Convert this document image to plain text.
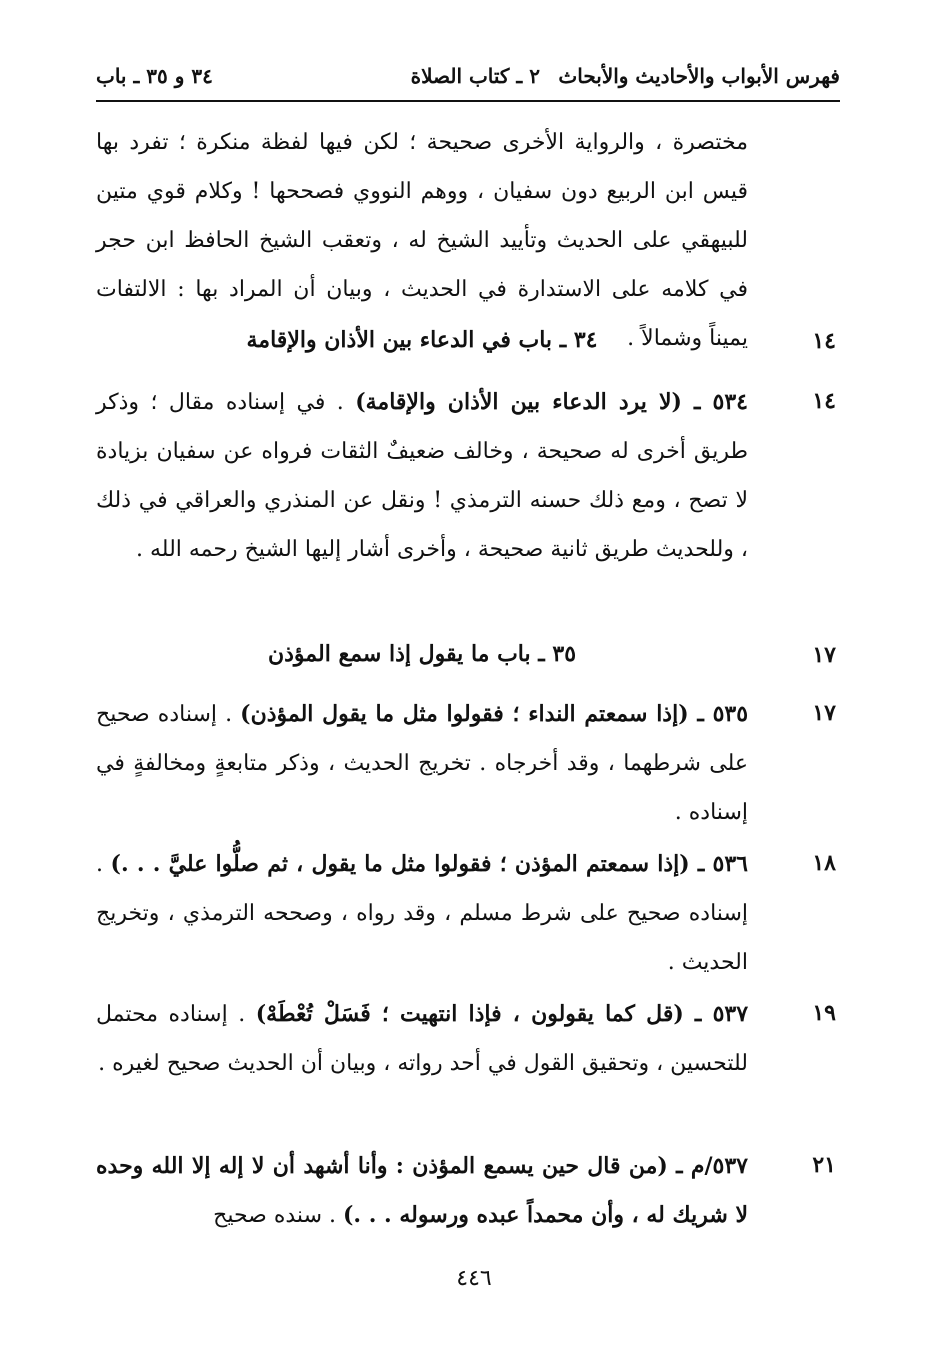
فهرس الأبواب والأحاديث والأبحاث
٢ ـ كتاب الصلاة
٣٤ و ٣٥ ـ باب
مختصرة ، والرواية الأخرى صحيحة ؛ لكن فيها لفظة منكرة ؛ تفرد بها قيس ابن الربيع دون سفيان ، ووهم النووي فصححها ! وكلام قوي متين للبيهقي على الحديث وتأييد الشيخ له ، وتعقب الشيخ الحافظ ابن حجر في كلامه على الاستدارة في الحديث ، وبيان أن المراد بها : الالتفات يميناً وشمالاً .	١٤
٣٤ ـ باب في الدعاء بين الأذان والإقامة
١٤
٥٣٤ ـ (لا يرد الدعاء بين الأذان والإقامة) . في إسناده مقال ؛ وذكر طريق أخرى له صحيحة ، وخالف ضعيفٌ الثقات فرواه عن سفيان بزيادة لا تصح ، ومع ذلك حسنه الترمذي ! ونقل عن المنذري والعراقي في ذلك ، وللحديث طريق ثانية صحيحة ، وأخرى أشار إليها الشيخ رحمه الله .
١٧
٣٥ ـ باب ما يقول إذا سمع المؤذن
١٧
٥٣٥ ـ (إذا سمعتم النداء ؛ فقولوا مثل ما يقول المؤذن) . إسناده صحيح على شرطهما ، وقد أخرجاه . تخريج الحديث ، وذكر متابعةٍ ومخالفةٍ في إسناده .
١٨
٥٣٦ ـ (إذا سمعتم المؤذن ؛ فقولوا مثل ما يقول ، ثم صلُّوا عليَّ . . .) . إسناده صحيح على شرط مسلم ، وقد رواه ، وصححه الترمذي ، وتخريج الحديث .
١٩
٥٣٧ ـ (قل كما يقولون ، فإذا انتهيت ؛ فَسَلْ تُعْطَهْ) . إسناده محتمل للتحسين ، وتحقيق القول في أحد رواته ، وبيان أن الحديث صحيح لغيره .
٢١
٥٣٧/م ـ (من قال حين يسمع المؤذن : وأنا أشهد أن لا إله إلا الله وحده لا شريك له ، وأن محمداً عبده ورسوله . . .) . سنده صحيح
٤٤٦
